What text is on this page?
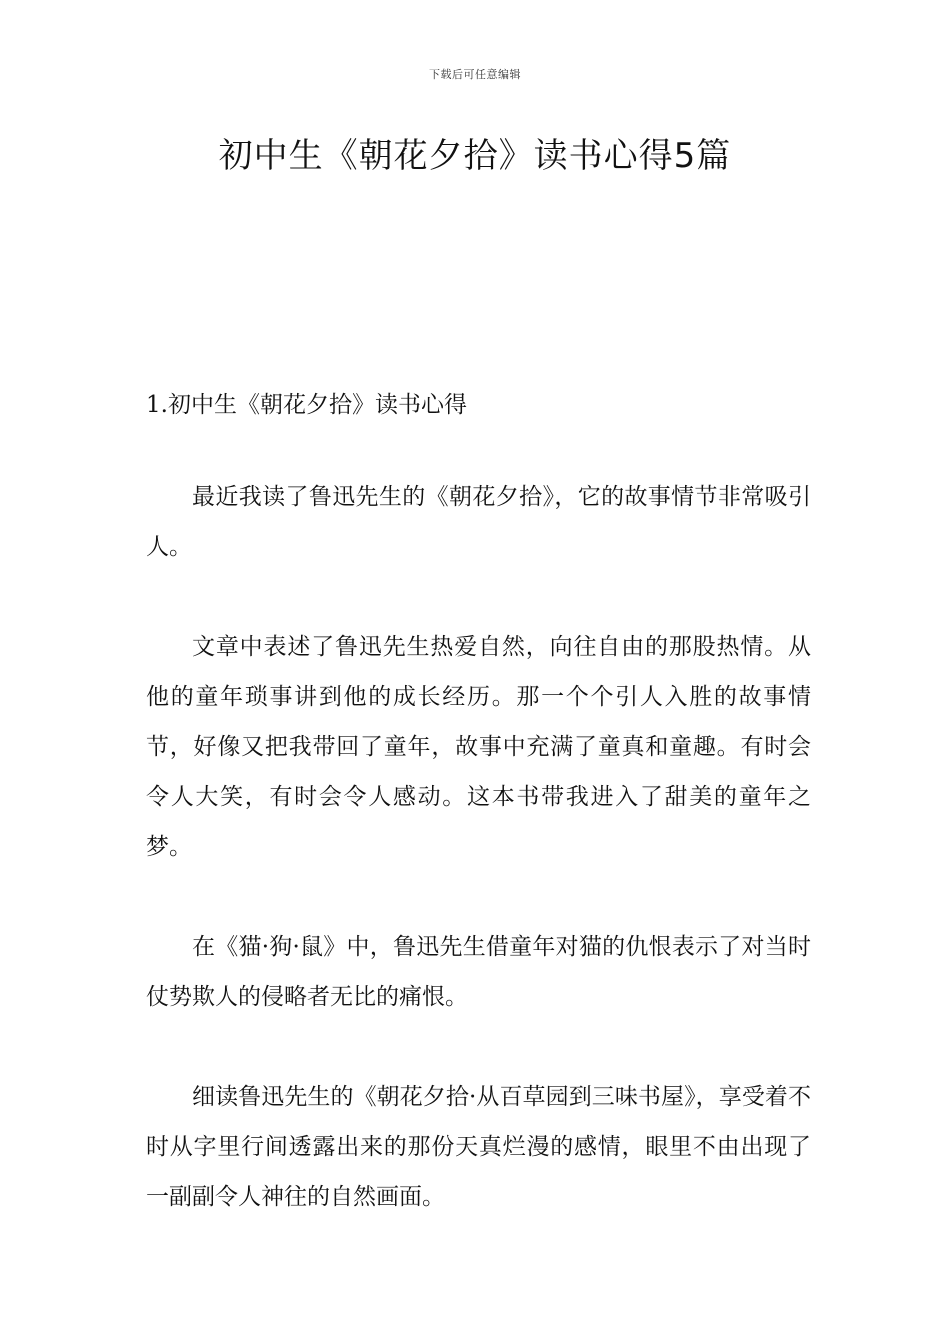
下载后可任意编辑
初中生《朝花夕拾》读书心得5篇

1.初中生《朝花夕拾》读书心得

最近我读了鲁迅先生的《朝花夕拾》，它的故事情节非常吸引人。

文章中表述了鲁迅先生热爱自然，向往自由的那股热情。从他的童年琐事讲到他的成长经历。那一个个引人入胜的故事情节，好像又把我带回了童年，故事中充满了童真和童趣。有时会令人大笑，有时会令人感动。这本书带我进入了甜美的童年之梦。

在《猫·狗·鼠》中，鲁迅先生借童年对猫的仇恨表示了对当时仗势欺人的侵略者无比的痛恨。

细读鲁迅先生的《朝花夕拾·从百草园到三味书屋》，享受着不时从字里行间透露出来的那份天真烂漫的感情，眼里不由出现了一副副令人神往的自然画面。
